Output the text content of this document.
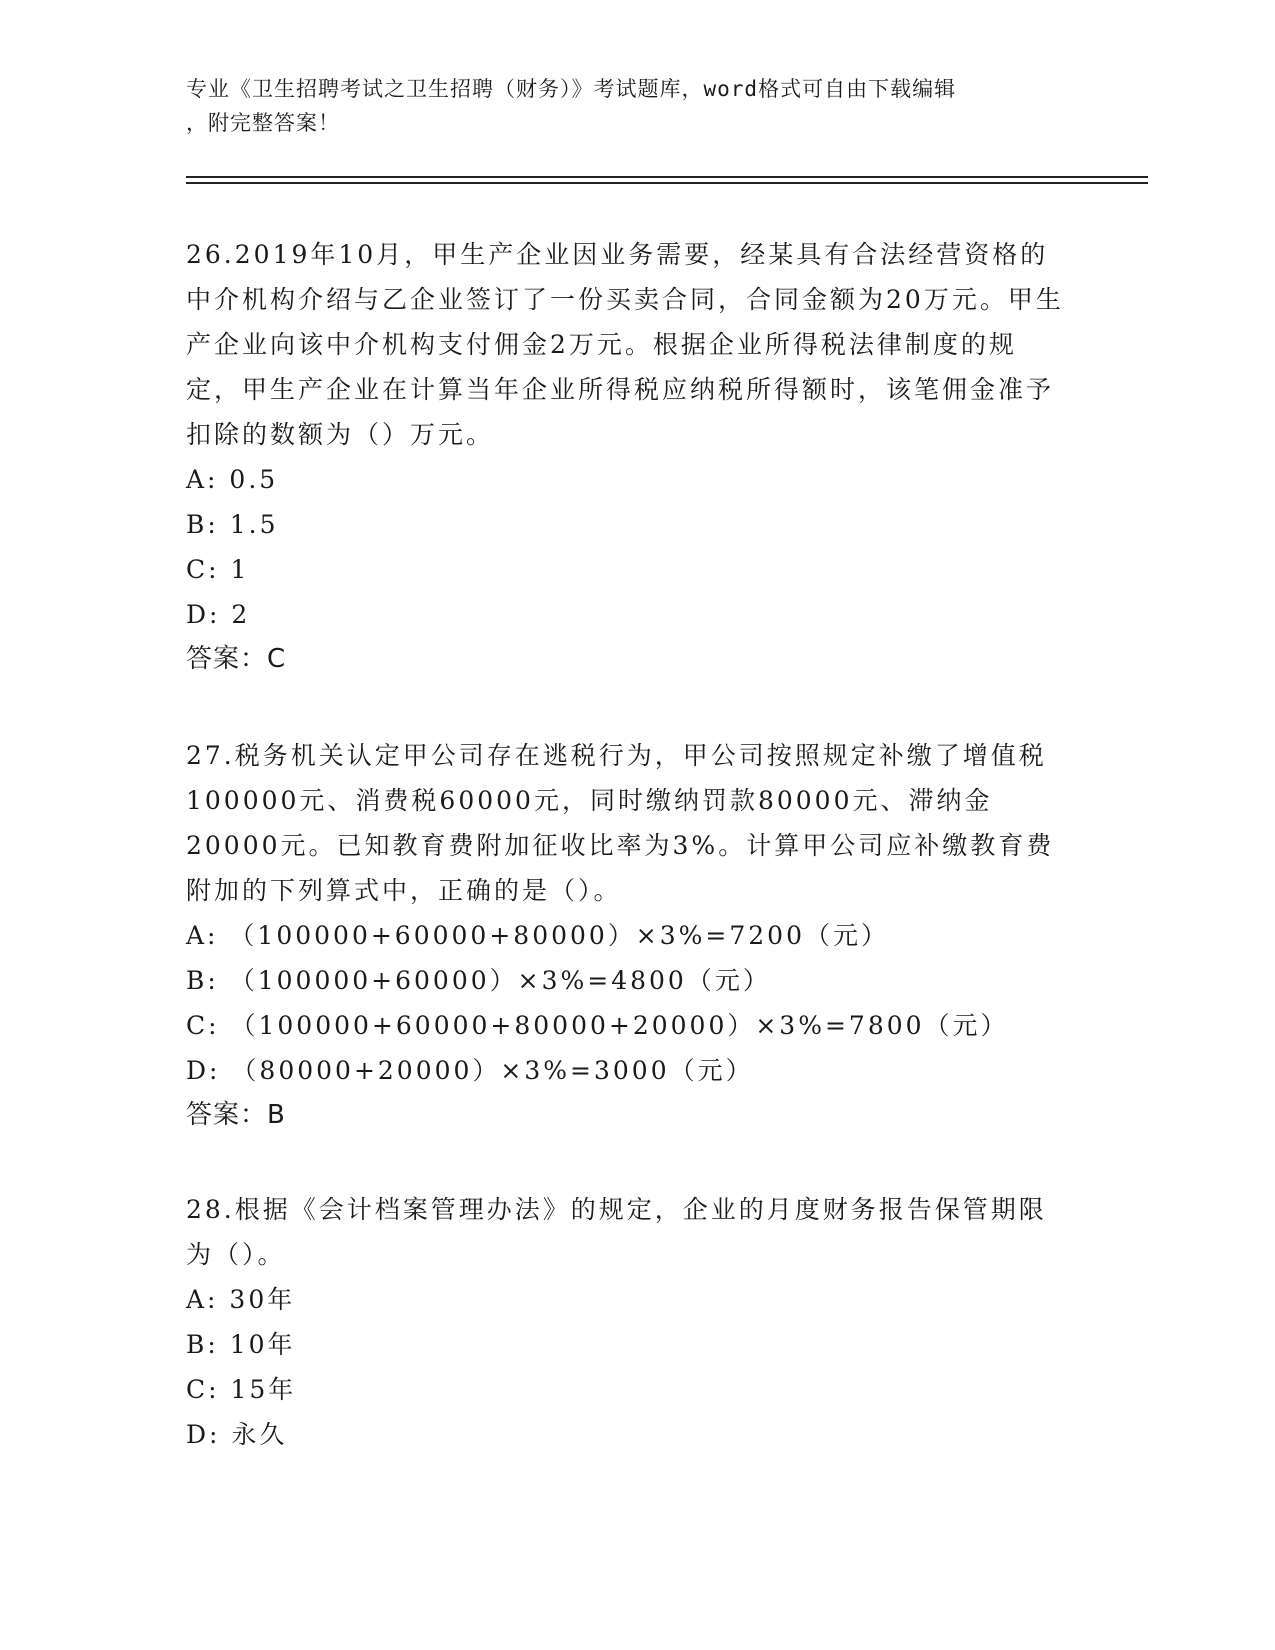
专业《卫生招聘考试之卫生招聘（财务）》考试题库，word格式可自由下载编辑

，附完整答案！

26.2019年10月，甲生产企业因业务需要，经某具有合法经营资格的中介机构介绍与乙企业签订了一份买卖合同，合同金额为20万元。甲生产企业向该中介机构支付佣金2万元。根据企业所得税法律制度的规定，甲生产企业在计算当年企业所得税应纳税所得额时，该笔佣金准予扣除的数额为（）万元。

A: 0.5

B: 1.5

C: 1

D: 2

答案：C

27.税务机关认定甲公司存在逃税行为，甲公司按照规定补缴了增值税100000元、消费税60000元，同时缴纳罚款80000元、滞纳金20000元。已知教育费附加征收比率为3%。计算甲公司应补缴教育费附加的下列算式中，正确的是（）。

A: （100000+60000+80000）×3%=7200（元）

B: （100000+60000）×3%=4800（元）

C: （100000+60000+80000+20000）×3%=7800（元）

D: （80000+20000）×3%=3000（元）

答案：B

28.根据《会计档案管理办法》的规定，企业的月度财务报告保管期限为（）。

A: 30年

B: 10年

C: 15年

D: 永久
